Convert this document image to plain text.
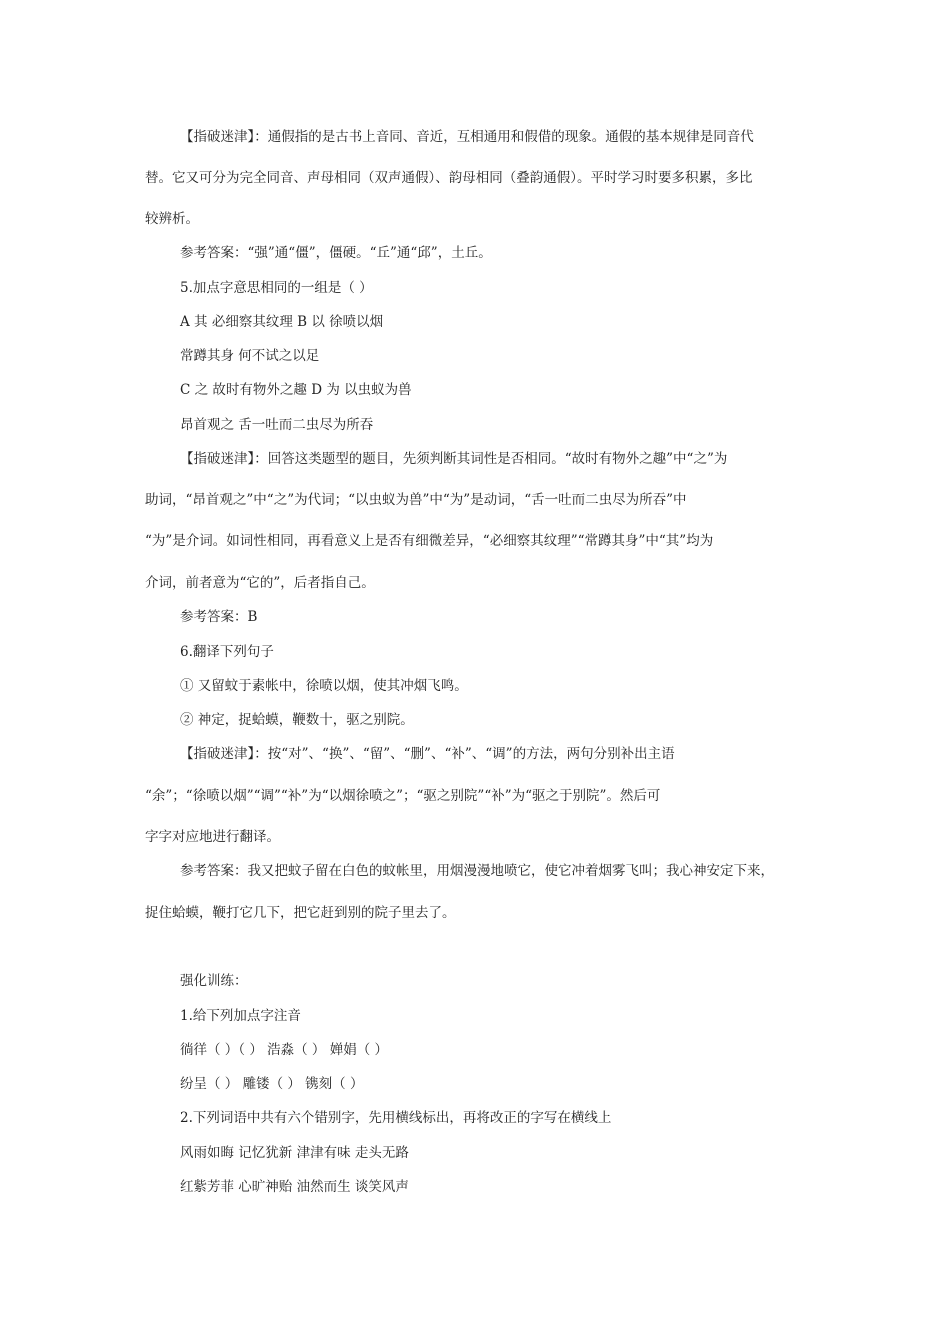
【指破迷津】：通假指的是古书上音同、音近，互相通用和假借的现象。通假的基本规律是同音代
替。它又可分为完全同音、声母相同（双声通假）、韵母相同（叠韵通假）。平时学习时要多积累，多比
较辨析。
参考答案：“强”通“僵”，僵硬。“丘”通“邱”，土丘。
5.加点字意思相同的一组是（ ）
A 其 必细察其纹理 B 以 徐喷以烟
常蹲其身 何不试之以足
C 之 故时有物外之趣 D 为 以虫蚁为兽
昂首观之 舌一吐而二虫尽为所吞
【指破迷津】：回答这类题型的题目，先须判断其词性是否相同。“故时有物外之趣”中“之”为
助词，“昂首观之”中“之”为代词；“以虫蚁为兽”中“为”是动词，“舌一吐而二虫尽为所吞”中
“为”是介词。如词性相同，再看意义上是否有细微差异，“必细察其纹理”“常蹲其身”中“其”均为
介词，前者意为“它的”，后者指自己。
参考答案：B
6.翻译下列句子
① 又留蚊于素帐中，徐喷以烟，使其冲烟飞鸣。
② 神定，捉蛤蟆，鞭数十，驱之别院。
【指破迷津】：按“对”、“换”、“留”、“删”、“补”、“调”的方法，两句分别补出主语
“余”；“徐喷以烟”“调”“补”为“以烟徐喷之”；“驱之别院”“补”为“驱之于别院”。然后可
字字对应地进行翻译。
参考答案：我又把蚊子留在白色的蚊帐里，用烟漫漫地喷它，使它冲着烟雾飞叫；我心神安定下来，
捉住蛤蟆，鞭打它几下，把它赶到别的院子里去了。
强化训练：
1.给下列加点字注音
徜徉（ ）（ ） 浩淼（ ） 婵娟（ ）
纷呈（ ） 雕镂（ ） 镌刻（ ）
2.下列词语中共有六个错别字，先用横线标出，再将改正的字写在横线上
风雨如晦 记忆犹新 津津有味 走头无路
红紫芳菲 心旷神贻 油然而生 谈笑风声
